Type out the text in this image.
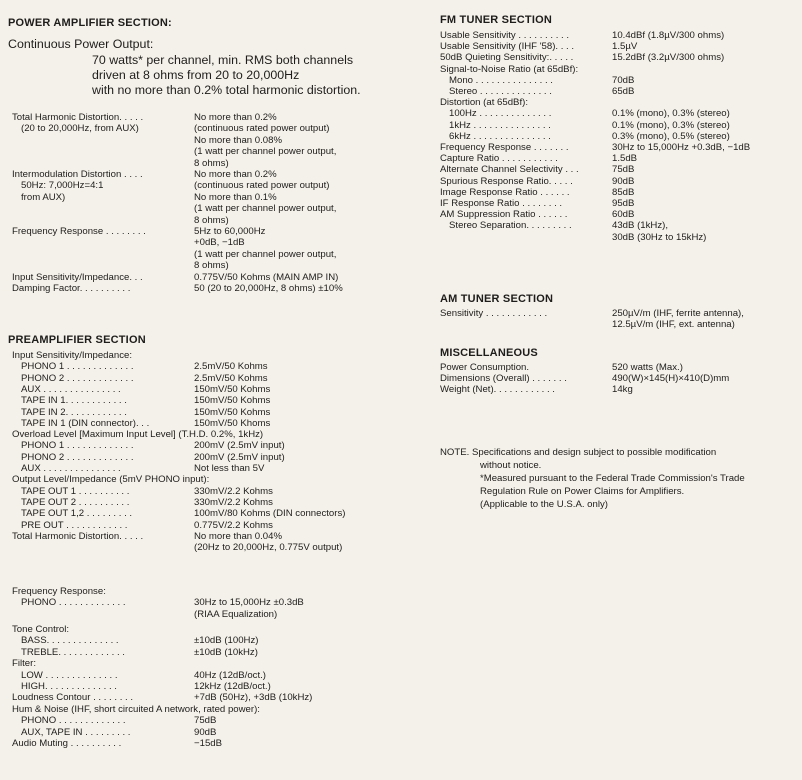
POWER AMPLIFIER SECTION:
Continuous Power Output:
70 watts* per channel, min. RMS both channels
driven at 8 ohms from 20 to 20,000Hz
with no more than 0.2% total harmonic distortion.
Total Harmonic Distortion. . . . .	No more than 0.2%
(20 to 20,000Hz, from AUX)	(continuous rated power output)
No more than 0.08%
(1 watt per channel power output,
8 ohms)
Intermodulation Distortion . . . .	No more than 0.2%
50Hz: 7,000Hz=4:1	(continuous rated power output)
from AUX)	No more than 0.1%
(1 watt per channel power output,
8 ohms)
Frequency Response . . . . . . . .	5Hz to 60,000Hz
+0dB, −1dB
(1 watt per channel power output,
8 ohms)
Input Sensitivity/Impedance. . .	0.775V/50 Kohms (MAIN AMP IN)
Damping Factor. . . . . . . . . .	50 (20 to 20,000Hz, 8 ohms) ±10%
PREAMPLIFIER SECTION
Input Sensitivity/Impedance:
PHONO 1 . . . . . . . . . . . . .	2.5mV/50 Kohms
PHONO 2 . . . . . . . . . . . . .	2.5mV/50 Kohms
AUX . . . . . . . . . . . . . . .	150mV/50 Kohms
TAPE IN 1. . . . . . . . . . . .	150mV/50 Kohms
TAPE IN 2. . . . . . . . . . . .	150mV/50 Kohms
TAPE IN 1 (DIN connector). . .	150mV/50 Khoms
Overload Level [Maximum Input Level] (T.H.D. 0.2%, 1kHz)
PHONO 1 . . . . . . . . . . . . .	200mV (2.5mV input)
PHONO 2 . . . . . . . . . . . . .	200mV (2.5mV input)
AUX . . . . . . . . . . . . . . .	Not less than 5V
Output Level/Impedance (5mV PHONO input):
TAPE OUT 1 . . . . . . . . . .	330mV/2.2 Kohms
TAPE OUT 2 . . . . . . . . . .	330mV/2.2 Kohms
TAPE OUT 1,2 . . . . . . . . .	100mV/80 Kohms (DIN connectors)
PRE OUT . . . . . . . . . . . .	0.775V/2.2 Kohms
Total Harmonic Distortion. . . . .	No more than 0.04%
(20Hz to 20,000Hz, 0.775V output)
Frequency Response:
PHONO . . . . . . . . . . . . .	30Hz to 15,000Hz ±0.3dB
(RIAA Equalization)
Tone Control:
BASS. . . . . . . . . . . . . .	±10dB (100Hz)
TREBLE. . . . . . . . . . . . .	±10dB (10kHz)
Filter:
LOW . . . . . . . . . . . . . .	40Hz (12dB/oct.)
HIGH. . . . . . . . . . . . . .	12kHz (12dB/oct.)
Loudness Contour . . . . . . . .	+7dB (50Hz), +3dB (10kHz)
Hum & Noise (IHF, short circuited A network, rated power):
PHONO . . . . . . . . . . . . .	75dB
AUX, TAPE IN . . . . . . . . .	90dB
Audio Muting . . . . . . . . . .	−15dB
FM TUNER SECTION
Usable Sensitivity . . . . . . . . . .	10.4dBf (1.8µV/300 ohms)
Usable Sensitivity (IHF '58). . . .	1.5µV
50dB Quieting Sensitivity:. . . . .	15.2dBf (3.2µV/300 ohms)
Signal-to-Noise Ratio (at 65dBf):
Mono . . . . . . . . . . . . . . .	70dB
Stereo . . . . . . . . . . . . . .	65dB
Distortion (at 65dBf):
100Hz . . . . . . . . . . . . . .	0.1% (mono), 0.3% (stereo)
1kHz . . . . . . . . . . . . . . .	0.1% (mono), 0.3% (stereo)
6kHz . . . . . . . . . . . . . . .	0.3% (mono), 0.5% (stereo)
Frequency Response . . . . . . .	30Hz to 15,000Hz +0.3dB, −1dB
Capture Ratio . . . . . . . . . . .	1.5dB
Alternate Channel Selectivity . . .	75dB
Spurious Response Ratio. . . . .	90dB
Image Response Ratio . . . . . .	85dB
IF Response Ratio . . . . . . . .	95dB
AM Suppression Ratio . . . . . .	60dB
Stereo Separation. . . . . . . . .	43dB (1kHz),
30dB (30Hz to 15kHz)
AM TUNER SECTION
Sensitivity . . . . . . . . . . . .	250µV/m (IHF, ferrite antenna),
12.5µV/m (IHF, ext. antenna)
MISCELLANEOUS
Power Consumption.	520 watts (Max.)
Dimensions (Overall) . . . . . . .	490(W)×145(H)×410(D)mm
Weight (Net). . . . . . . . . . . .	14kg
NOTE. Specifications and design subject to possible modification
without notice.
*Measured pursuant to the Federal Trade Commission's Trade
Regulation Rule on Power Claims for Amplifiers.
(Applicable to the U.S.A. only)
